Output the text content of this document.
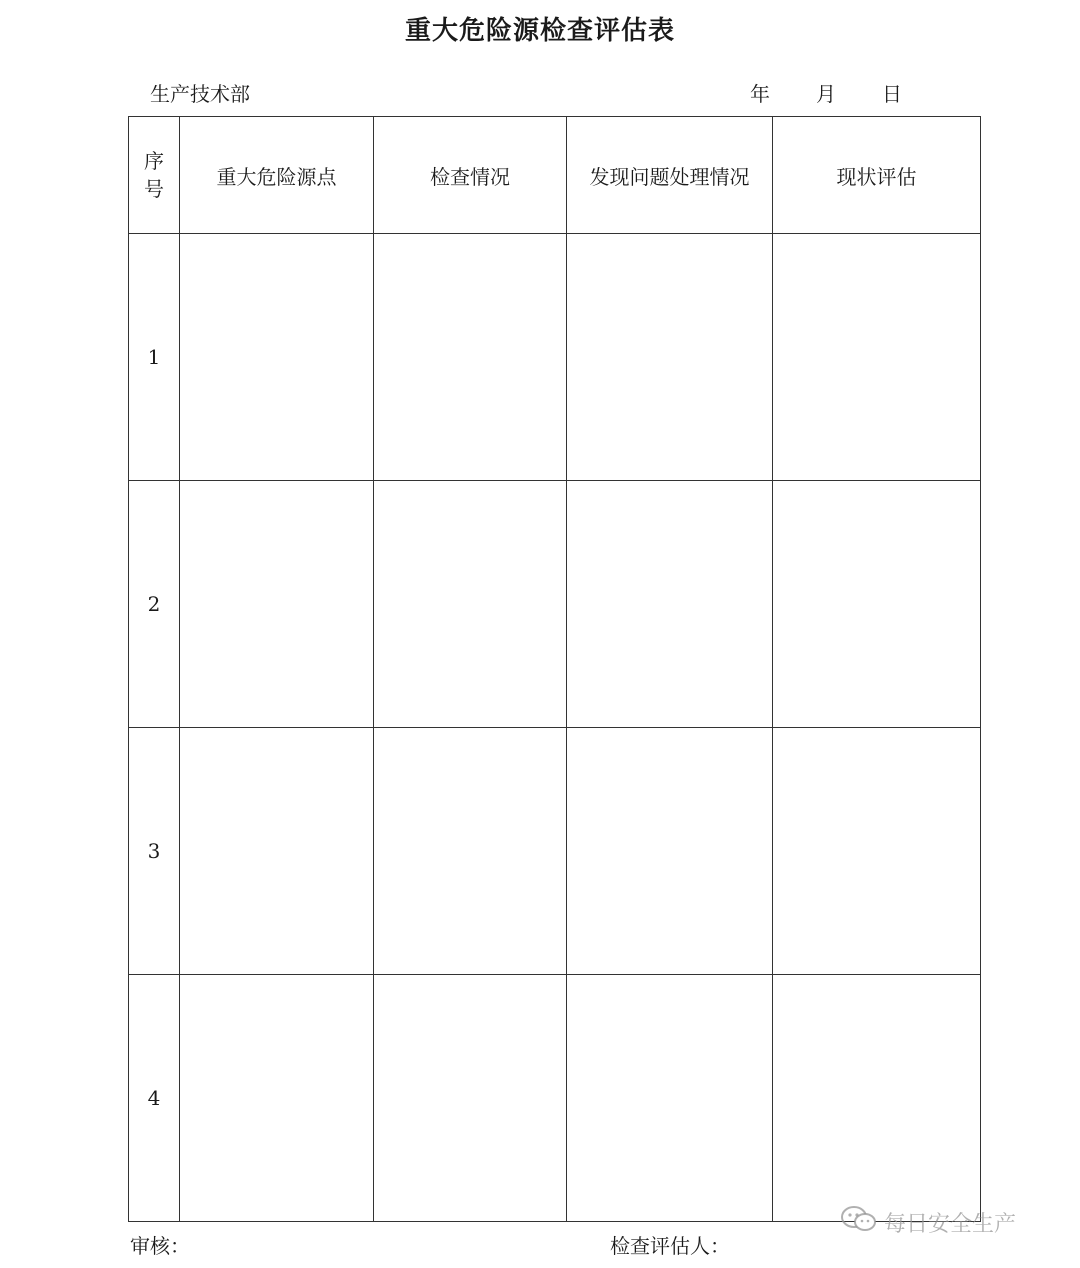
重大危险源检查评估表
生产技术部	年 月 日
序
号	重大危险源点	检查情况	发现问题处理情况	现状评估
1				
2				
3				
4				
审核：	检查评估人：
每日安全生产
